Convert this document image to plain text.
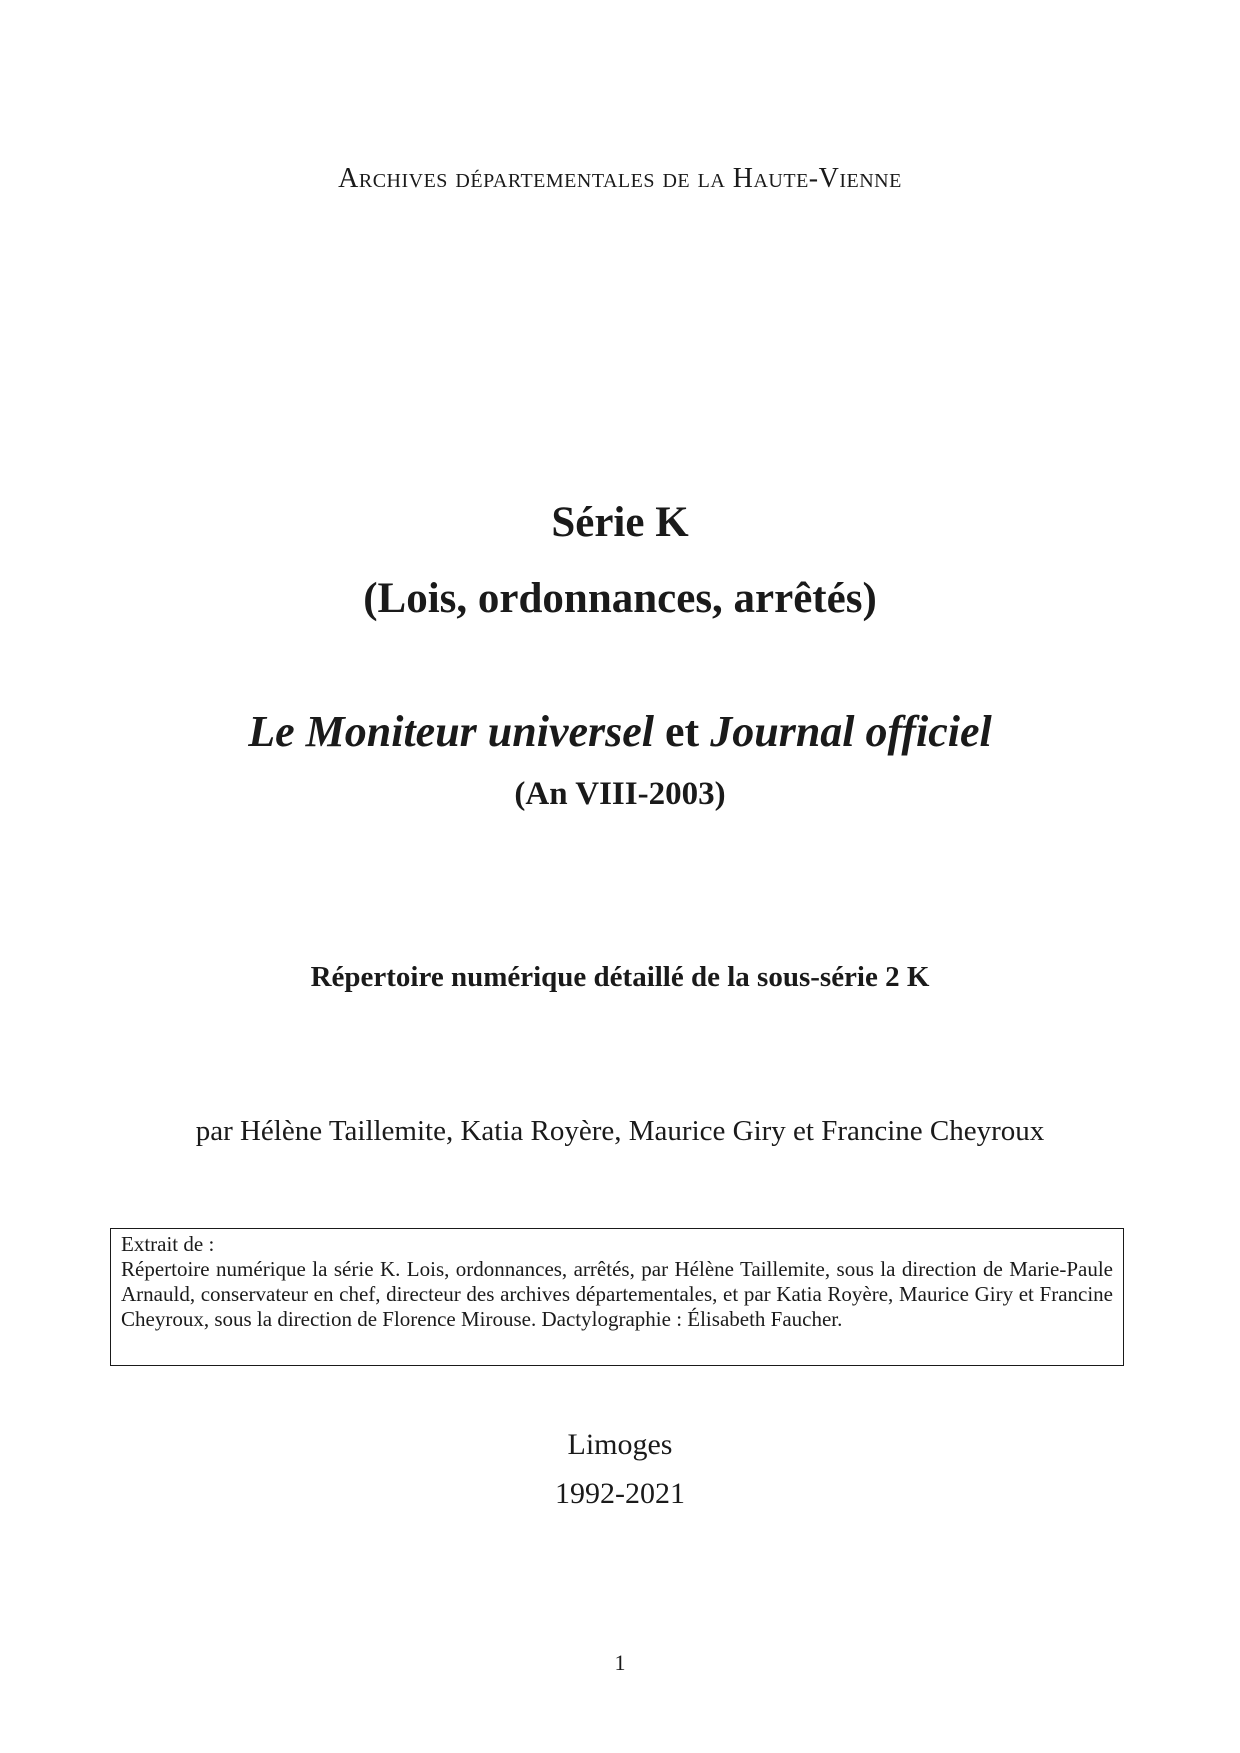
Archives départementales de la Haute-Vienne
Série K
(Lois, ordonnances, arrêtés)
Le Moniteur universel et Journal officiel
(An VIII-2003)
Répertoire numérique détaillé de la sous-série 2 K
par Hélène Taillemite, Katia Royère, Maurice Giry et Francine Cheyroux

Extrait de :

Répertoire numérique la série K. Lois, ordonnances, arrêtés, par Hélène Taillemite, sous la direction de Marie-Paule Arnauld, conservateur en chef, directeur des archives départementales, et par Katia Royère, Maurice Giry et Francine Cheyroux, sous la direction de Florence Mirouse. Dactylographie : Élisabeth Faucher.

Limoges
1992-2021
1
